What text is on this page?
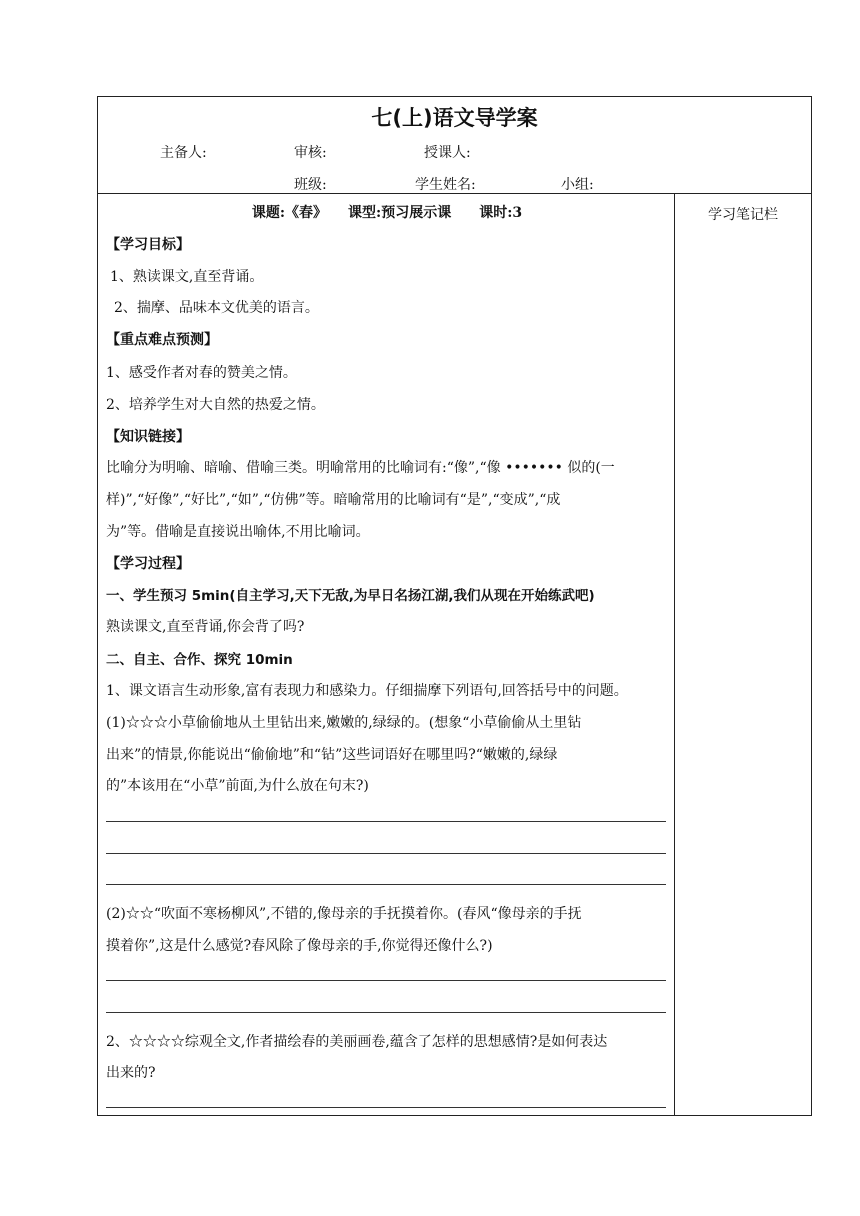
七(上)语文导学案
主备人:	审核:	授课人:
班级:	学生姓名:	小组:
课题:《春》　　课型:预习展示课　　课时:3
【学习目标】
1、熟读课文,直至背诵。
2、揣摩、品味本文优美的语言。
【重点难点预测】
1、感受作者对春的赞美之情。
2、培养学生对大自然的热爱之情。
【知识链接】
比喻分为明喻、暗喻、借喻三类。明喻常用的比喻词有:“像”,“像 ••••••• 似的(一
样)”,“好像”,“好比”,“如”,“仿佛”等。暗喻常用的比喻词有“是”,“变成”,“成
为”等。借喻是直接说出喻体,不用比喻词。
【学习过程】
一、学生预习 5min(自主学习,天下无敌,为早日名扬江湖,我们从现在开始练武吧)
熟读课文,直至背诵,你会背了吗?
二、自主、合作、探究 10min
1、课文语言生动形象,富有表现力和感染力。仔细揣摩下列语句,回答括号中的问题。
(1)☆☆☆小草偷偷地从土里钻出来,嫩嫩的,绿绿的。(想象“小草偷偷从土里钻
出来”的情景,你能说出“偷偷地”和“钻”这些词语好在哪里吗?“嫩嫩的,绿绿
的”本该用在“小草”前面,为什么放在句末?)
(2)☆☆“吹面不寒杨柳风”,不错的,像母亲的手抚摸着你。(春风“像母亲的手抚
摸着你”,这是什么感觉?春风除了像母亲的手,你觉得还像什么?)
2、☆☆☆☆综观全文,作者描绘春的美丽画卷,蕴含了怎样的思想感情?是如何表达
出来的?
学习笔记栏
